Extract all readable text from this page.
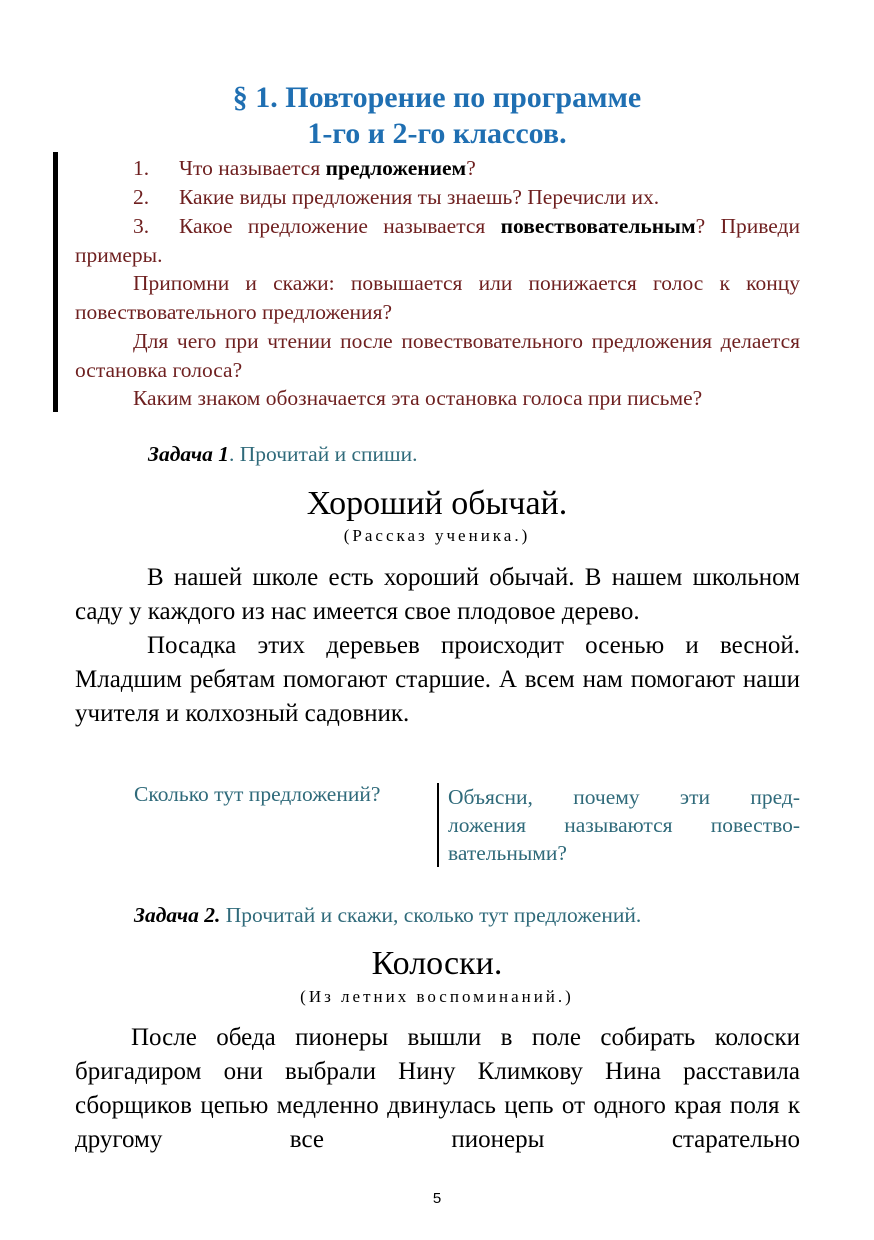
§ 1. Повторение по программе
1-го и 2-го классов.
1. Что называется предложением?
2. Какие виды предложения ты знаешь? Перечисли их.
3. Какое предложение называется повествовательным? Приведи примеры.
Припомни и скажи: повышается или понижается голос к концу повествовательного предложения?
Для чего при чтении после повествовательного предложения делается остановка голоса?
Каким знаком обозначается эта остановка голоса при письме?
Задача 1. Прочитай и спиши.
Хороший обычай.
(Рассказ ученика.)

В нашей школе есть хороший обычай. В нашем школьном саду у каждого из нас имеется свое плодовое дерево.

Посадка этих деревьев происходит осенью и весной. Младшим ребятам помогают старшие. А всем нам помогают наши учителя и колхозный садовник.

Сколько тут предложений?	Объясни, почему эти пред-
ложения называются повество-
вательными?
Задача 2. Прочитай и скажи, сколько тут предложений.
Колоски.
(Из летних воспоминаний.)

После обеда пионеры вышли в поле собирать колоски бригадиром они выбрали Нину Климкову Нина расставила сборщиков цепью медленно двинулась цепь от одного края поля к другому все пионеры старательно

5
